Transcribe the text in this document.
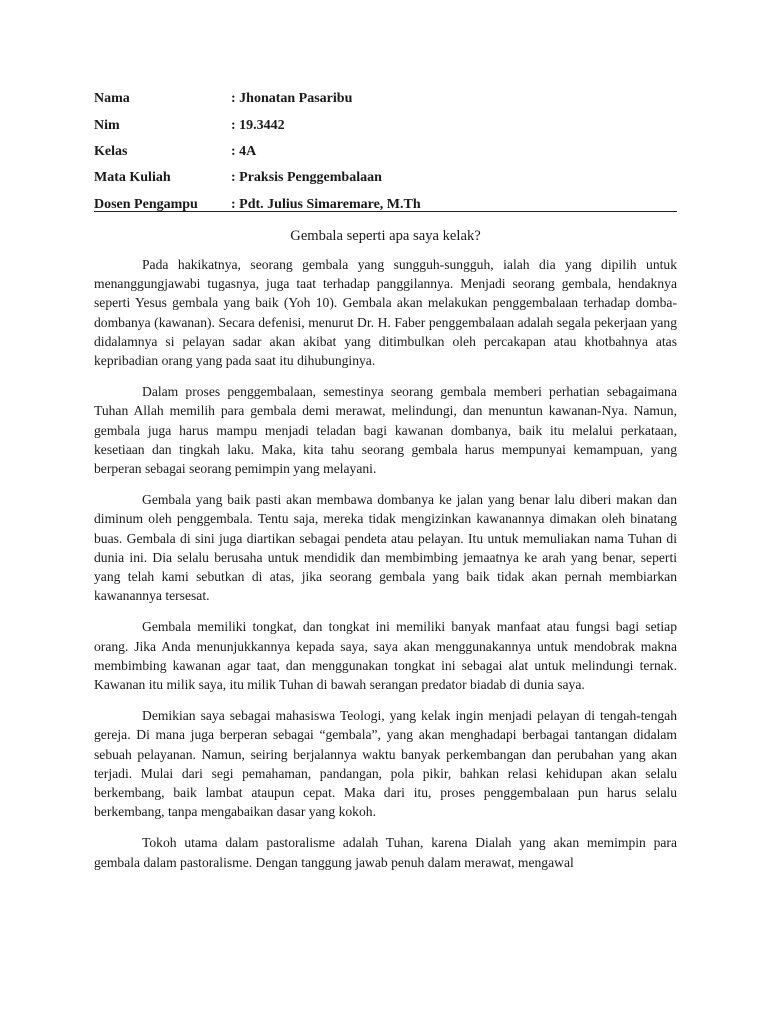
Nama	: Jhonatan Pasaribu
Nim	: 19.3442
Kelas	: 4A
Mata Kuliah	: Praksis Penggembalaan
Dosen Pengampu	: Pdt. Julius Simaremare, M.Th
Gembala seperti apa saya kelak?

Pada hakikatnya, seorang gembala yang sungguh-sungguh, ialah dia yang dipilih untuk menanggungjawabi tugasnya, juga taat terhadap panggilannya. Menjadi seorang gembala, hendaknya seperti Yesus gembala yang baik (Yoh 10). Gembala akan melakukan penggembalaan terhadap domba-dombanya (kawanan). Secara defenisi, menurut Dr. H. Faber penggembalaan adalah segala pekerjaan yang didalamnya si pelayan sadar akan akibat yang ditimbulkan oleh percakapan atau khotbahnya atas kepribadian orang yang pada saat itu dihubunginya.

Dalam proses penggembalaan, semestinya seorang gembala memberi perhatian sebagaimana Tuhan Allah memilih para gembala demi merawat, melindungi, dan menuntun kawanan-Nya. Namun, gembala juga harus mampu menjadi teladan bagi kawanan dombanya, baik itu melalui perkataan, kesetiaan dan tingkah laku. Maka, kita tahu seorang gembala harus mempunyai kemampuan, yang berperan sebagai seorang pemimpin yang melayani.

Gembala yang baik pasti akan membawa dombanya ke jalan yang benar lalu diberi makan dan diminum oleh penggembala. Tentu saja, mereka tidak mengizinkan kawanannya dimakan oleh binatang buas. Gembala di sini juga diartikan sebagai pendeta atau pelayan. Itu untuk memuliakan nama Tuhan di dunia ini. Dia selalu berusaha untuk mendidik dan membimbing jemaatnya ke arah yang benar, seperti yang telah kami sebutkan di atas, jika seorang gembala yang baik tidak akan pernah membiarkan kawanannya tersesat.

Gembala memiliki tongkat, dan tongkat ini memiliki banyak manfaat atau fungsi bagi setiap orang. Jika Anda menunjukkannya kepada saya, saya akan menggunakannya untuk mendobrak makna membimbing kawanan agar taat, dan menggunakan tongkat ini sebagai alat untuk melindungi ternak. Kawanan itu milik saya, itu milik Tuhan di bawah serangan predator biadab di dunia saya.

Demikian saya sebagai mahasiswa Teologi, yang kelak ingin menjadi pelayan di tengah-tengah gereja. Di mana juga berperan sebagai “gembala”, yang akan menghadapi berbagai tantangan didalam sebuah pelayanan. Namun, seiring berjalannya waktu banyak perkembangan dan perubahan yang akan terjadi. Mulai dari segi pemahaman, pandangan, pola pikir, bahkan relasi kehidupan akan selalu berkembang, baik lambat ataupun cepat. Maka dari itu, proses penggembalaan pun harus selalu berkembang, tanpa mengabaikan dasar yang kokoh.

Tokoh utama dalam pastoralisme adalah Tuhan, karena Dialah yang akan memimpin para gembala dalam pastoralisme. Dengan tanggung jawab penuh dalam merawat, mengawal
